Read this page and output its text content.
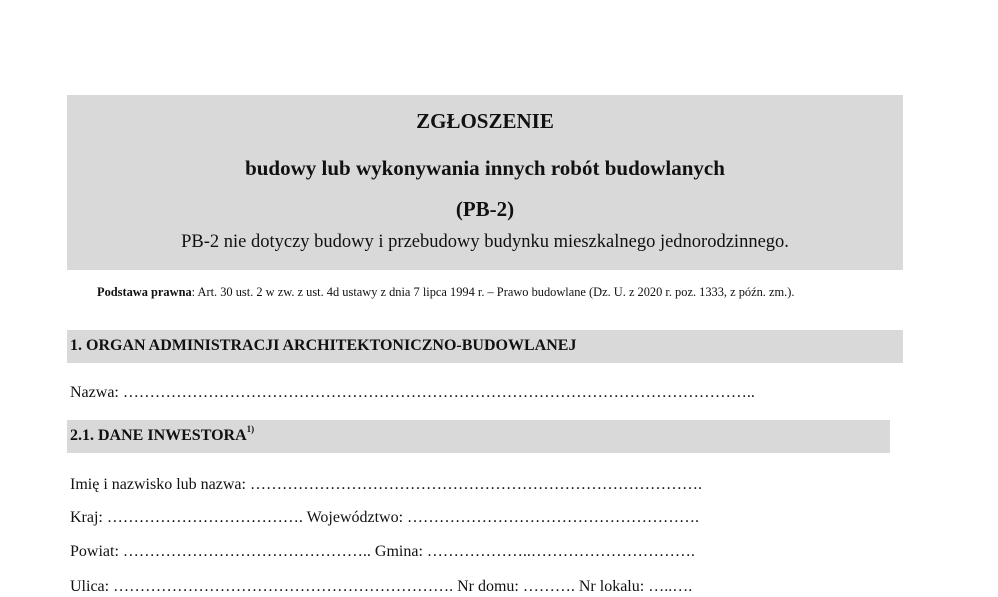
ZGŁOSZENIE
budowy lub wykonywania innych robót budowlanych
(PB-2)
PB-2 nie dotyczy budowy i przebudowy budynku mieszkalnego jednorodzinnego.
Podstawa prawna: Art. 30 ust. 2 w zw. z ust. 4d ustawy z dnia 7 lipca 1994 r. – Prawo budowlane (Dz. U. z 2020 r. poz. 1333, z późn. zm.).
1. ORGAN ADMINISTRACJI ARCHITEKTONICZNO-BUDOWLANEJ
Nazwa: ………………………………………………………………………………………………………..
2.1. DANE INWESTORA$^{1)}$
Imię i nazwisko lub nazwa: ………………………………………………………………………….
Kraj: ………………………………. Województwo: ……………………………………………….
Powiat: ……………………………………….. Gmina: ………………..………………………….
Ulica: ………………………………………………………. Nr domu: ………. Nr lokalu: …..….
